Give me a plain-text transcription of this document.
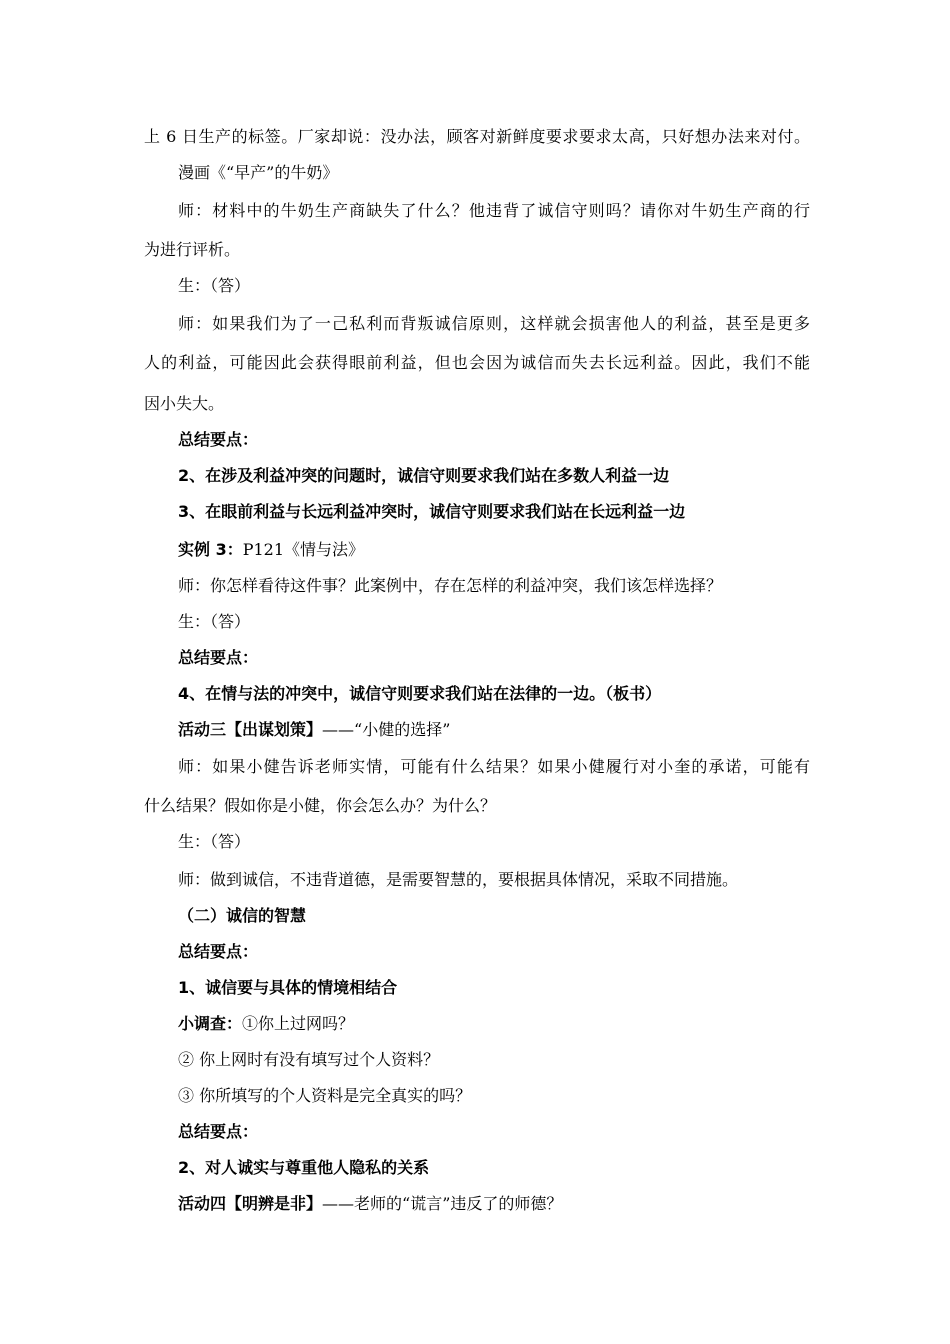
上 6 日生产的标签。厂家却说：没办法，顾客对新鲜度要求要求太高，只好想办法来对付。
漫画《“早产”的牛奶》
师：材料中的牛奶生产商缺失了什么？他违背了诚信守则吗？请你对牛奶生产商的行
为进行评析。
生：（答）
师：如果我们为了一己私利而背叛诚信原则，这样就会损害他人的利益，甚至是更多
人的利益，可能因此会获得眼前利益，但也会因为诚信而失去长远利益。因此，我们不能
因小失大。
总结要点：
2、在涉及利益冲突的问题时，诚信守则要求我们站在多数人利益一边
3、在眼前利益与长远利益冲突时，诚信守则要求我们站在长远利益一边
实例 3：P121《情与法》
师：你怎样看待这件事？此案例中，存在怎样的利益冲突，我们该怎样选择？
生：（答）
总结要点：
4、在情与法的冲突中，诚信守则要求我们站在法律的一边。（板书）
活动三【出谋划策】——“小健的选择”
师：如果小健告诉老师实情，可能有什么结果？如果小健履行对小奎的承诺，可能有
什么结果？假如你是小健，你会怎么办？为什么？
生：（答）
师：做到诚信，不违背道德，是需要智慧的，要根据具体情况，采取不同措施。
（二）诚信的智慧
总结要点：
1、诚信要与具体的情境相结合
小调查：①你上过网吗？
② 你上网时有没有填写过个人资料？
③ 你所填写的个人资料是完全真实的吗？
总结要点：
2、对人诚实与尊重他人隐私的关系
活动四【明辨是非】——老师的“谎言”违反了的师德？
